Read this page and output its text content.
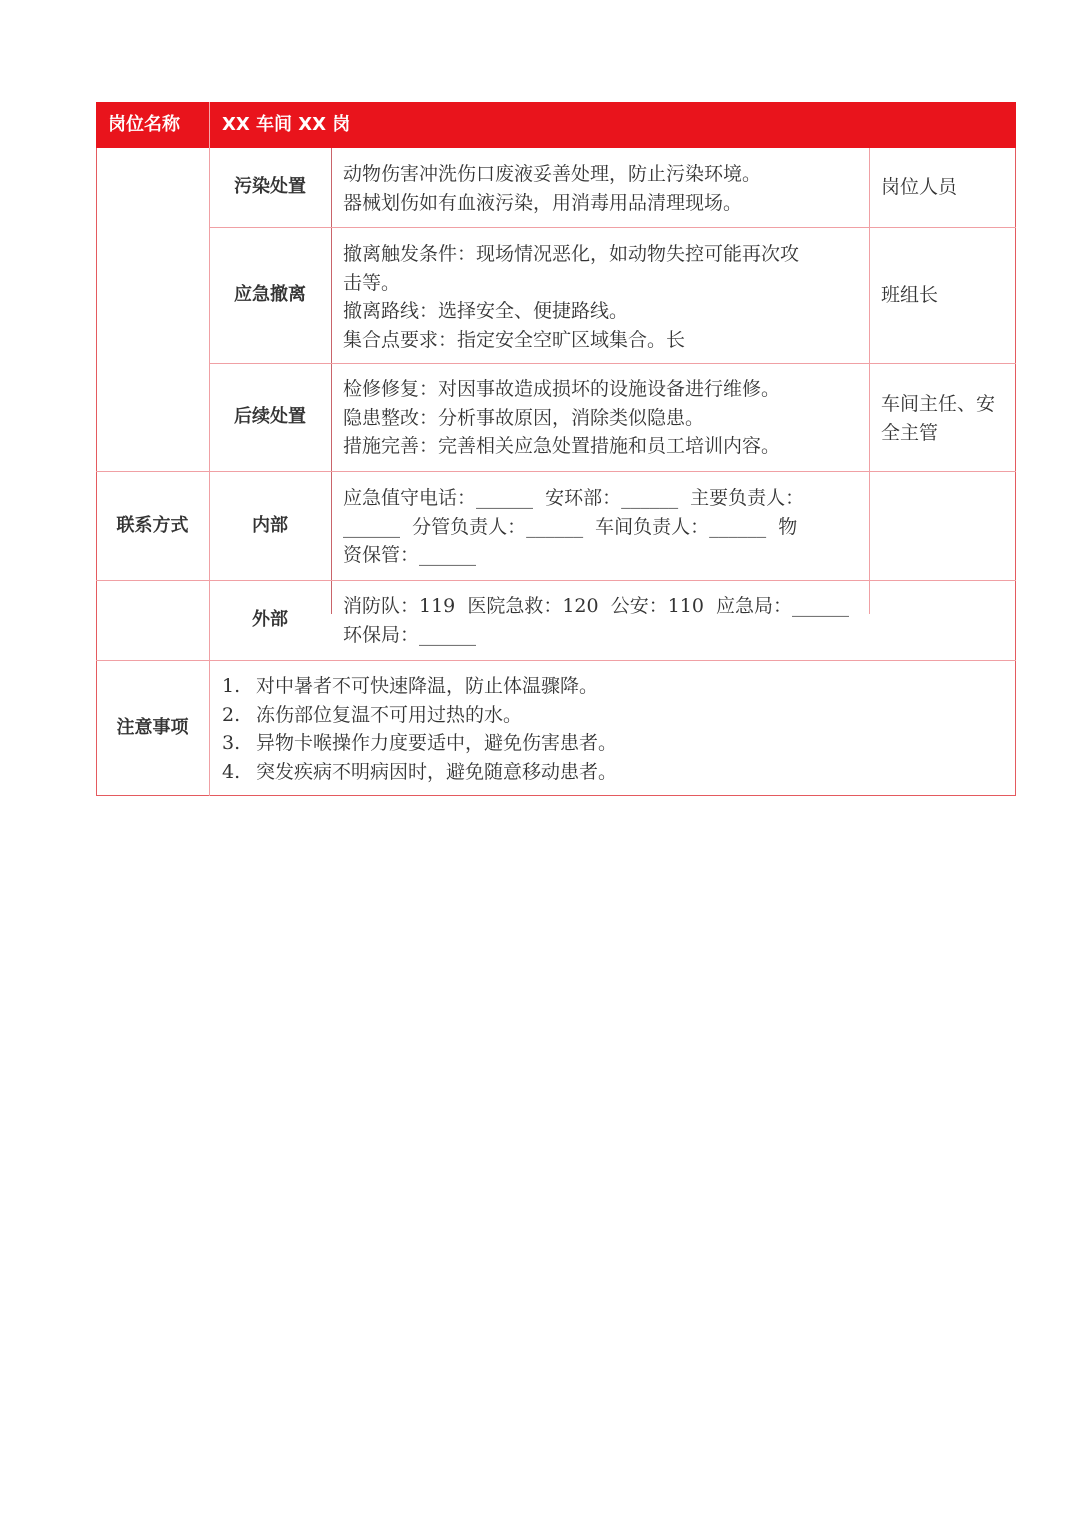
岗位名称 XX 车间 XX 岗
污染处置

动物伤害冲洗伤口废液妥善处理，防止污染环境。

器械划伤如有血液污染，用消毒用品清理现场。

岗位人员
应急撤离

撤离触发条件：现场情况恶化，如动物失控可能再次攻

击等。

撤离路线：选择安全、便捷路线。

集合点要求：指定安全空旷区域集合。长

班组长
后续处置

检修修复：对因事故造成损坏的设施设备进行维修。

隐患整改：分析事故原因，消除类似隐患。

措施完善：完善相关应急处置措施和员工培训内容。

车间主任、安

全主管

联系方式	内部

应急值守电话：______  安环部：______  主要负责人：

______  分管负责人：______  车间负责人：______  物

资保管：______

外部

消防队：119  医院急救：120  公安：110  应急局：______

环保局：______

注意事项
1. 对中暑者不可快速降温，防止体温骤降。
2. 冻伤部位复温不可用过热的水。
3. 异物卡喉操作力度要适中，避免伤害患者。
4. 突发疾病不明病因时，避免随意移动患者。
